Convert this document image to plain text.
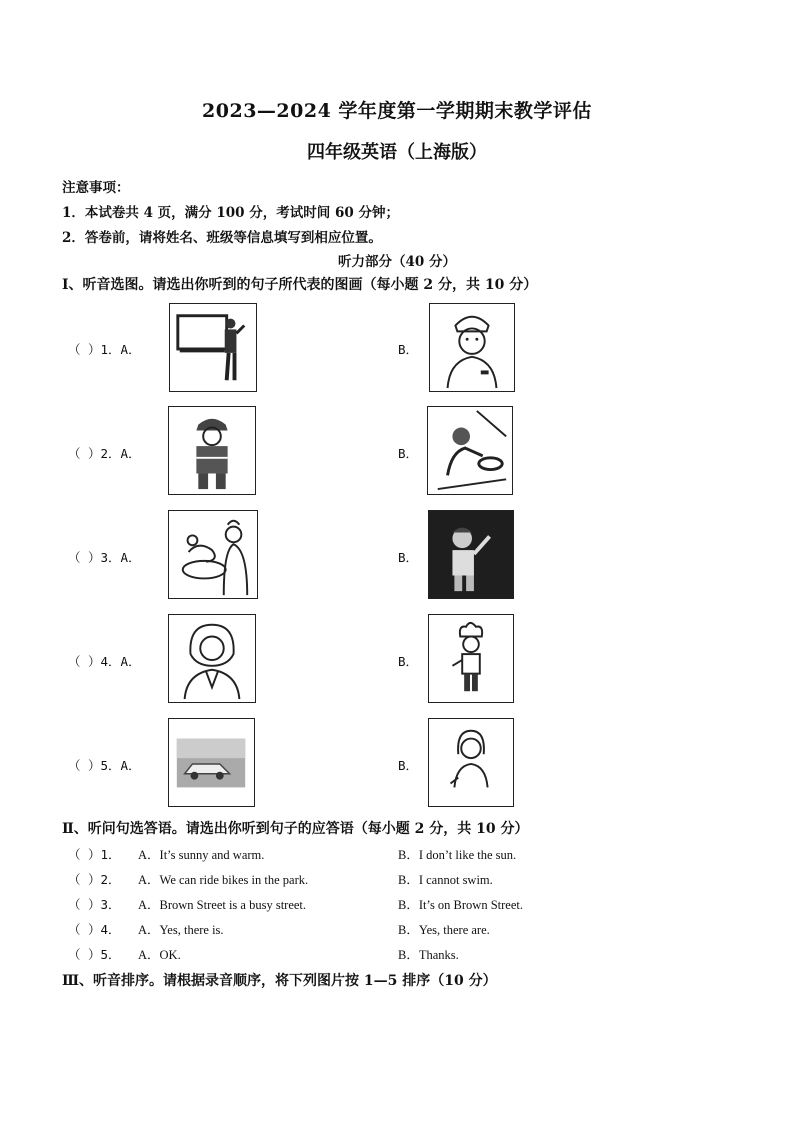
2023—2024 学年度第一学期期末教学评估
四年级英语（上海版）
注意事项：
1．本试卷共 4 页，满分 100 分，考试时间 60 分钟；
2．答卷前，请将姓名、班级等信息填写到相应位置。
听力部分（40 分）
Ⅰ、听音选图。请选出你听到的句子所代表的图画（每小题 2 分，共 10 分）
（ ）1．A．	B．
（ ）2．A．	B．
（ ）3．A．	B．
（ ）4．A．	B．
（ ）5．A．	B．
Ⅱ、听问句选答语。请选出你听到句子的应答语（每小题 2 分，共 10 分）
（ ）1． A．It’s sunny and warm.	B．I don’t like the sun.
（ ）2． A．We can ride bikes in the park.	B．I cannot swim.
（ ）3． A．Brown Street is a busy street.	B．It’s on Brown Street.
（ ）4． A．Yes, there is.	B．Yes, there are.
（ ）5． A．OK.	B．Thanks.
Ⅲ、听音排序。请根据录音顺序，将下列图片按 1—5 排序（10 分）
